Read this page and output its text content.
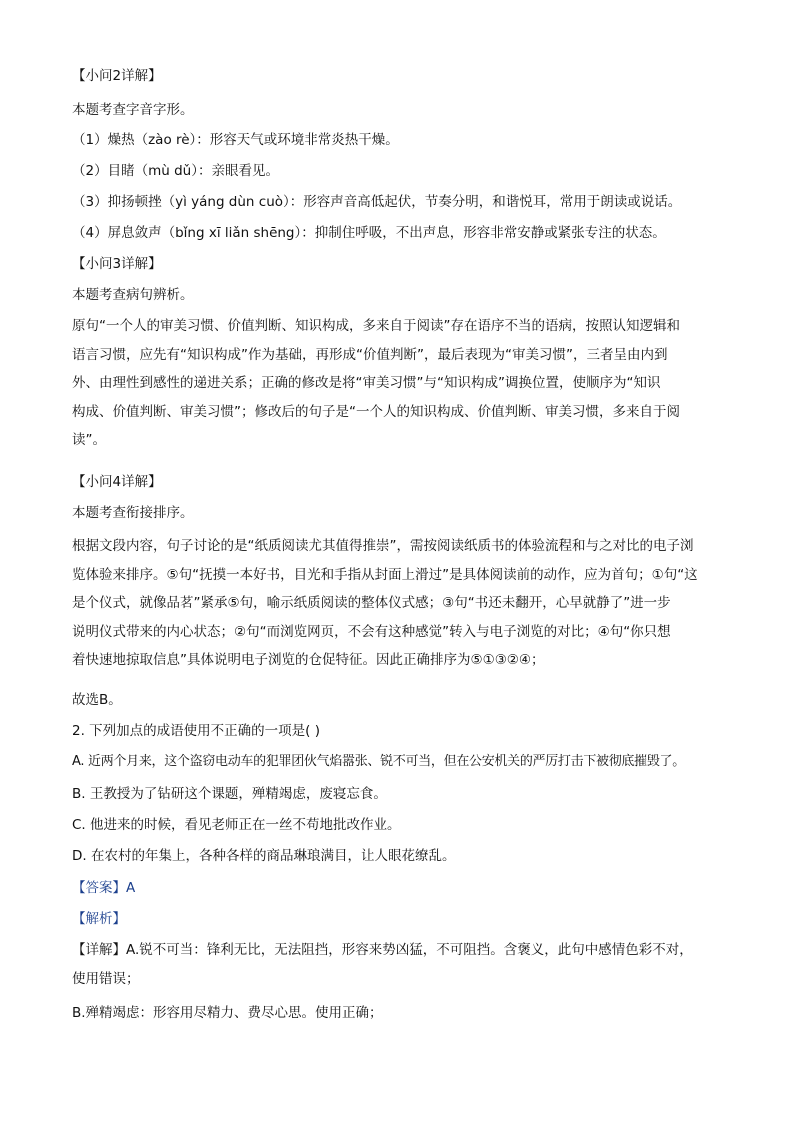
【小问2详解】
本题考查字音字形。
（1）燥热（zào rè）：形容天气或环境非常炎热干燥。
（2）目睹（mù dǔ）：亲眼看见。
（3）抑扬顿挫（yì yáng dùn cuò）：形容声音高低起伏，节奏分明，和谐悦耳，常用于朗读或说话。
（4）屏息敛声（bǐng xī liǎn shēng）：抑制住呼吸，不出声息，形容非常安静或紧张专注的状态。
【小问3详解】
本题考查病句辨析。
原句“一个人的审美习惯、价值判断、知识构成，多来自于阅读”存在语序不当的语病，按照认知逻辑和
语言习惯，应先有“知识构成”作为基础，再形成“价值判断”，最后表现为“审美习惯”，三者呈由内到
外、由理性到感性的递进关系；正确的修改是将“审美习惯”与“知识构成”调换位置，使顺序为“知识
构成、价值判断、审美习惯”；修改后的句子是“一个人的知识构成、价值判断、审美习惯，多来自于阅
读”。
【小问4详解】
本题考查衔接排序。
根据文段内容，句子讨论的是“纸质阅读尤其值得推崇”，需按阅读纸质书的体验流程和与之对比的电子浏
览体验来排序。⑤句“抚摸一本好书，目光和手指从封面上滑过”是具体阅读前的动作，应为首句；①句“这
是个仪式，就像品茗”紧承⑤句，喻示纸质阅读的整体仪式感；③句“书还未翻开，心早就静了”进一步
说明仪式带来的内心状态；②句“而浏览网页，不会有这种感觉”转入与电子浏览的对比；④句“你只想
着快速地掠取信息”具体说明电子浏览的仓促特征。因此正确排序为⑤①③②④；
故选B。
2. 下列加点的成语使用不正确的一项是( )
A. 近两个月来，这个盗窃电动车的犯罪团伙气焰嚣张、锐不可当，但在公安机关的严厉打击下被彻底摧毁了。
B. 王教授为了钻研这个课题，殚精竭虑，废寝忘食。
C. 他进来的时候，看见老师正在一丝不苟地批改作业。
D. 在农村的年集上，各种各样的商品琳琅满目，让人眼花缭乱。
【答案】A
【解析】
【详解】A.锐不可当：锋利无比，无法阻挡，形容来势凶猛，不可阻挡。含褒义，此句中感情色彩不对，
使用错误；
B.殚精竭虑：形容用尽精力、费尽心思。使用正确；
